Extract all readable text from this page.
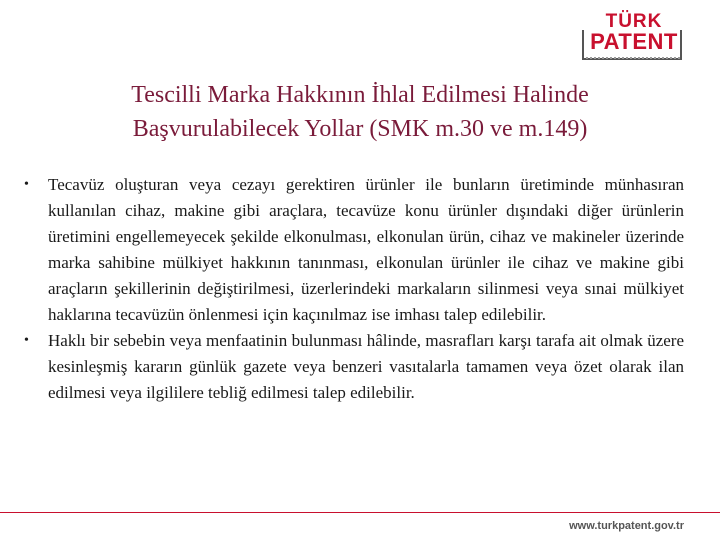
TÜRK
PATENT
Tescilli Marka Hakkının İhlal Edilmesi Halinde
Başvurulabilecek Yollar (SMK m.30 ve m.149)
• Tecavüz oluşturan veya cezayı gerektiren ürünler ile bunların üretiminde münhasıran kullanılan cihaz, makine gibi araçlara, tecavüze konu ürünler dışındaki diğer ürünlerin üretimini engellemeyecek şekilde elkonulması, elkonulan ürün, cihaz ve makineler üzerinde marka sahibine mülkiyet hakkının tanınması, elkonulan ürünler ile cihaz ve makine gibi araçların şekillerinin değiştirilmesi, üzerlerindeki markaların silinmesi veya sınai mülkiyet haklarına tecavüzün önlenmesi için kaçınılmaz ise imhası talep edilebilir.
• Haklı bir sebebin veya menfaatinin bulunması hâlinde, masrafları karşı tarafa ait olmak üzere kesinleşmiş kararın günlük gazete veya benzeri vasıtalarla tamamen veya özet olarak ilan edilmesi veya ilgililere tebliğ edilmesi talep edilebilir.
www.turkpatent.gov.tr
